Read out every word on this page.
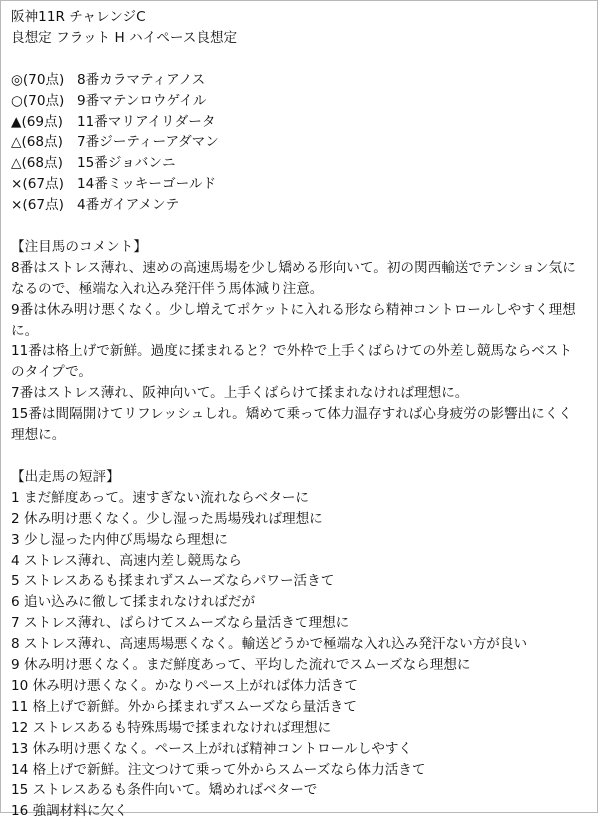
阪神11R チャレンジC
良想定 フラット H ハイペース良想定
◎(70点) 8番カラマティアノス
○(70点) 9番マテンロウゲイル
▲(69点) 11番マリアイリダータ
△(68点) 7番ジーティーアダマン
△(68点) 15番ジョバンニ
×(67点) 14番ミッキーゴールド
×(67点) 4番ガイアメンテ
【注目馬のコメント】
8番はストレス薄れ、速めの高速馬場を少し矯める形向いて。初の関西輸送でテンション気に
なるので、極端な入れ込み発汗伴う馬体減り注意。
9番は休み明け悪くなく。少し増えてポケットに入れる形なら精神コントロールしやすく理想
に。
11番は格上げで新鮮。過度に揉まれると？で外枠で上手くばらけての外差し競馬ならベスト
のタイプで。
7番はストレス薄れ、阪神向いて。上手くばらけて揉まれなければ理想に。
15番は間隔開けてリフレッシュしれ。矯めて乗って体力温存すれば心身疲労の影響出にくく
理想に。
【出走馬の短評】
1 まだ鮮度あって。速すぎない流れならベターに
2 休み明け悪くなく。少し湿った馬場残れば理想に
3 少し湿った内伸び馬場なら理想に
4 ストレス薄れ、高速内差し競馬なら
5 ストレスあるも揉まれずスムーズならパワー活きて
6 追い込みに徹して揉まれなければだが
7 ストレス薄れ、ばらけてスムーズなら量活きて理想に
8 ストレス薄れ、高速馬場悪くなく。輸送どうかで極端な入れ込み発汗ない方が良い
9 休み明け悪くなく。まだ鮮度あって、平均した流れでスムーズなら理想に
10 休み明け悪くなく。かなりペース上がれば体力活きて
11 格上げで新鮮。外から揉まれずスムーズなら量活きて
12 ストレスあるも特殊馬場で揉まれなければ理想に
13 休み明け悪くなく。ペース上がれば精神コントロールしやすく
14 格上げで新鮮。注文つけて乗って外からスムーズなら体力活きて
15 ストレスあるも条件向いて。矯めればベターで
16 強調材料に欠く
